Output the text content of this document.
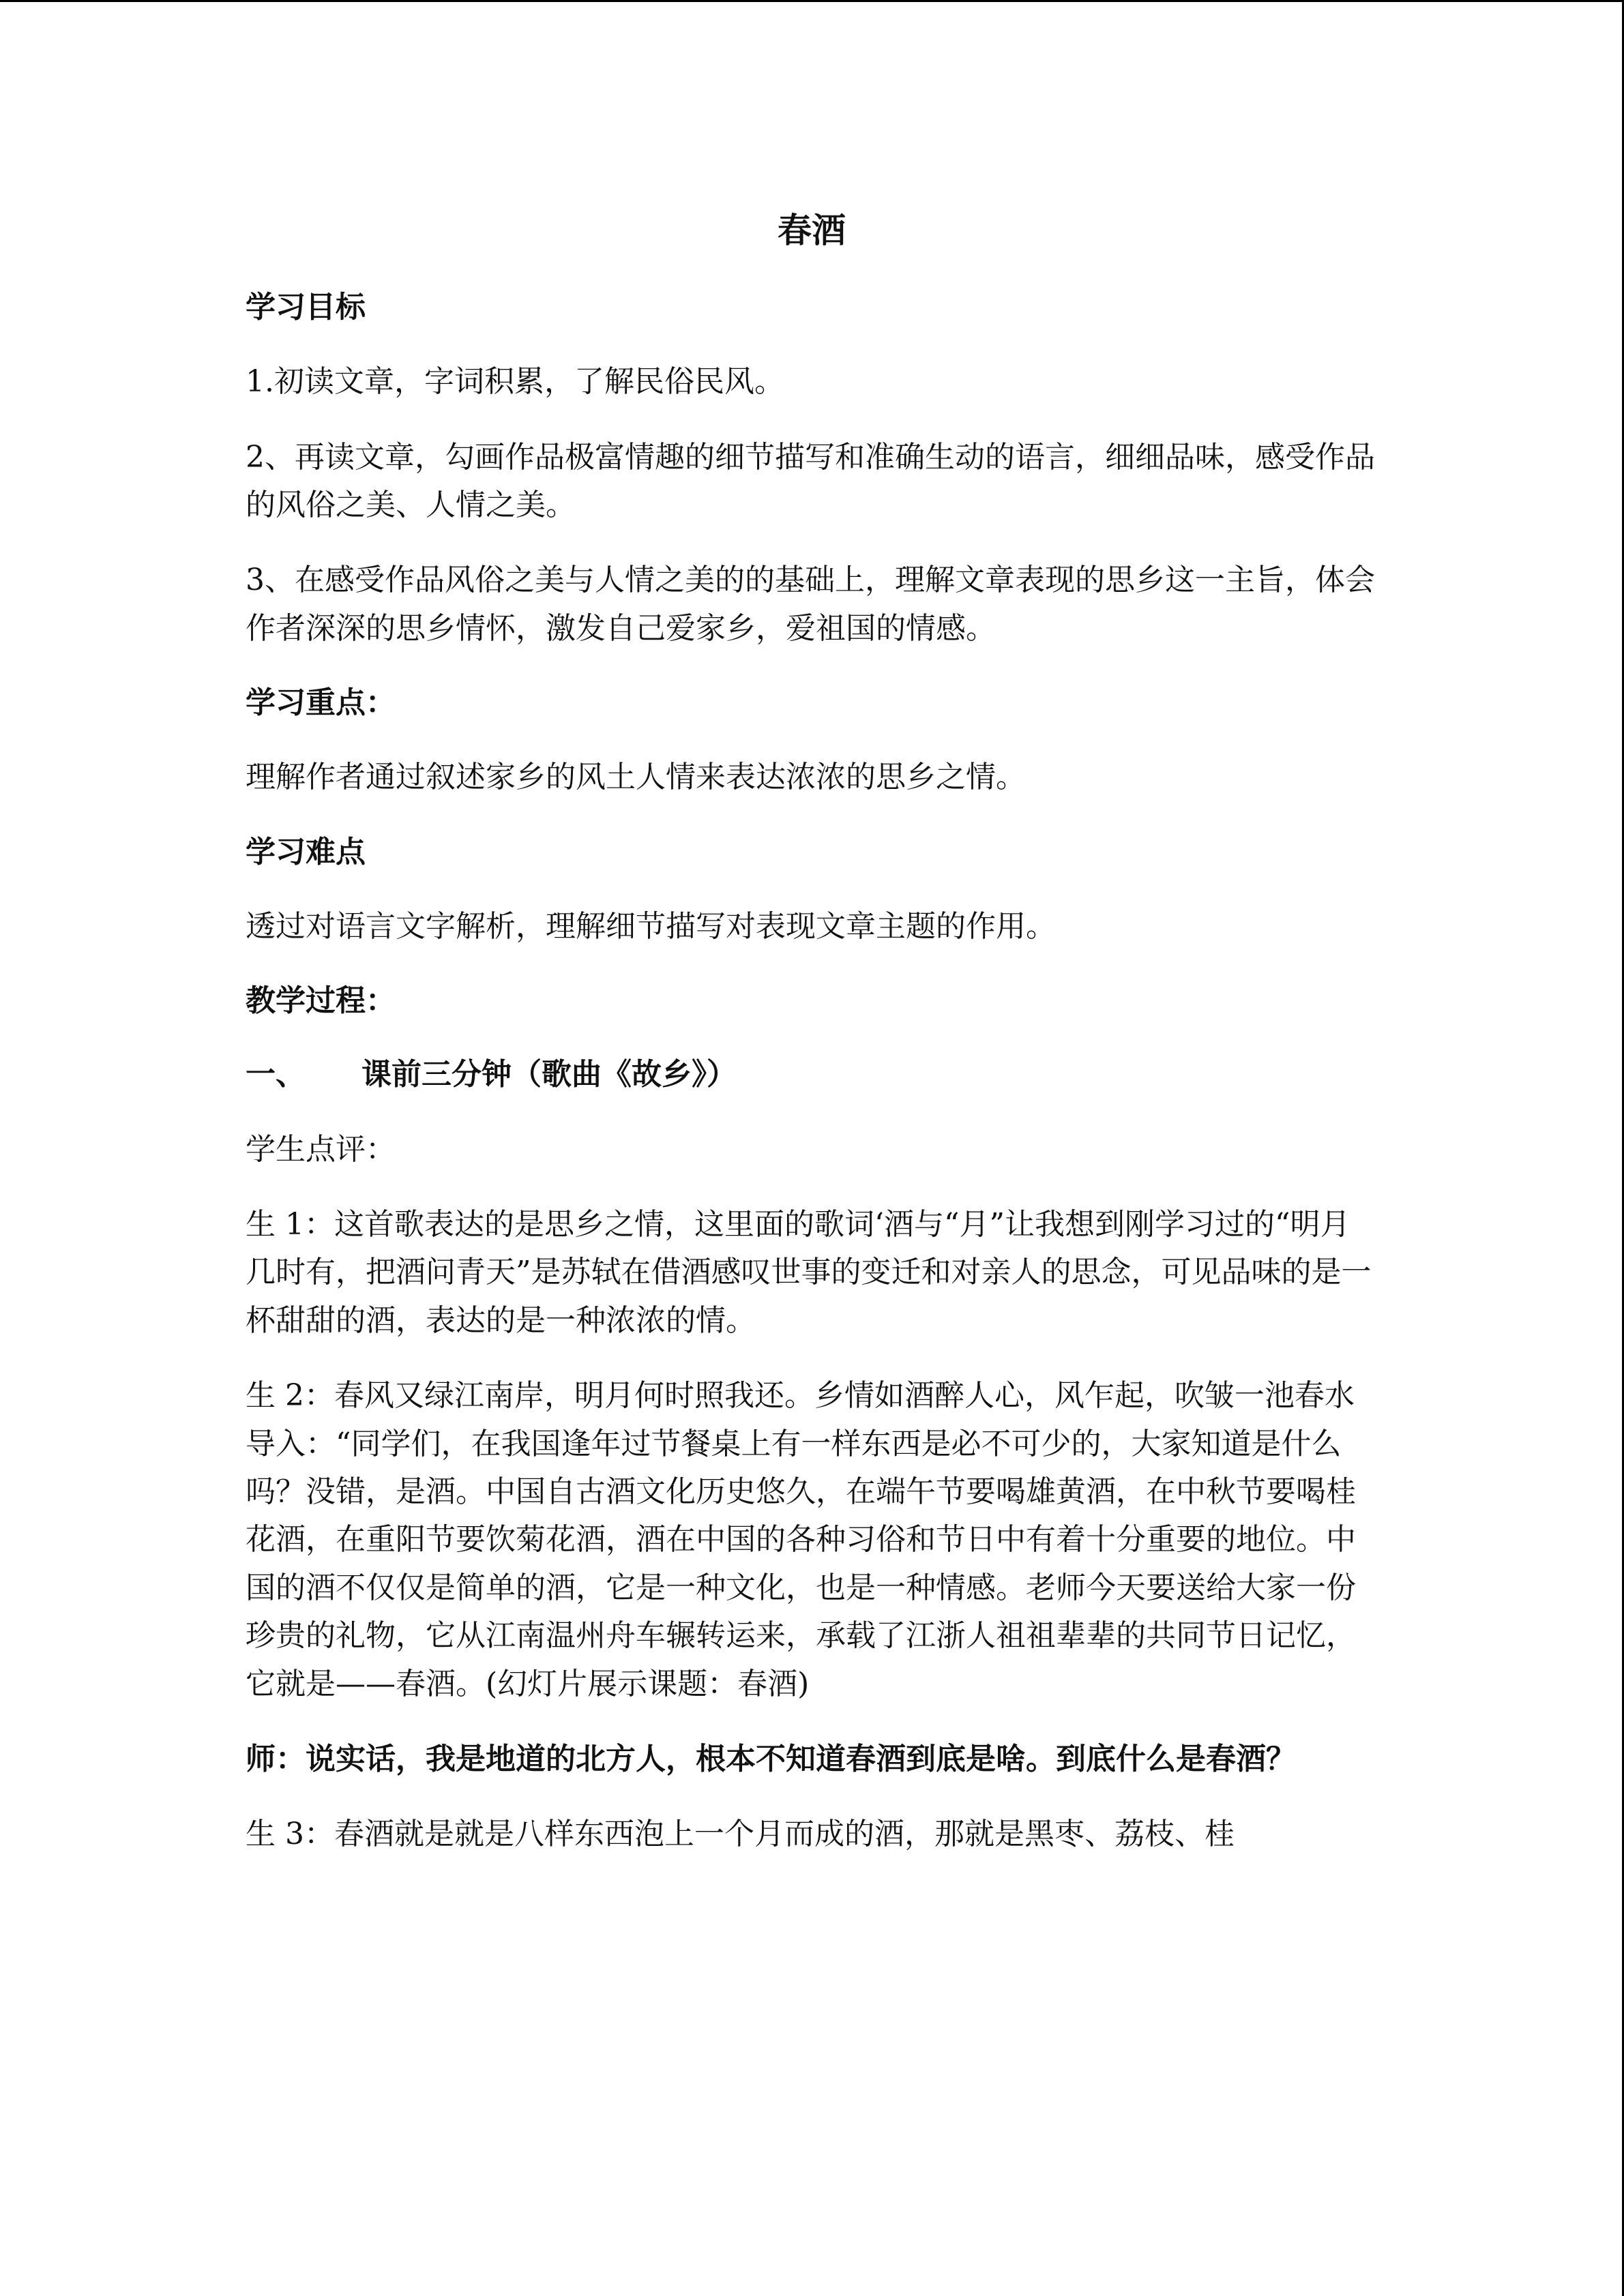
春酒
学习目标
1.初读文章，字词积累，了解民俗民风。
2、再读文章，勾画作品极富情趣的细节描写和准确生动的语言，细细品味，感受作品的风俗之美、人情之美。
3、在感受作品风俗之美与人情之美的的基础上，理解文章表现的思乡这一主旨，体会作者深深的思乡情怀，激发自己爱家乡，爱祖国的情感。
学习重点：
理解作者通过叙述家乡的风土人情来表达浓浓的思乡之情。
学习难点
透过对语言文字解析，理解细节描写对表现文章主题的作用。
教学过程：
一、	课前三分钟（歌曲《故乡》）
学生点评：
生 1：这首歌表达的是思乡之情，这里面的歌词‘酒与“月”让我想到刚学习过的“明月几时有，把酒问青天”是苏轼在借酒感叹世事的变迁和对亲人的思念，可见品味的是一杯甜甜的酒，表达的是一种浓浓的情。
生 2：春风又绿江南岸，明月何时照我还。乡情如酒醉人心，风乍起，吹皱一池春水
导入：“同学们，在我国逢年过节餐桌上有一样东西是必不可少的，大家知道是什么吗？没错，是酒。中国自古酒文化历史悠久，在端午节要喝雄黄酒，在中秋节要喝桂花酒，在重阳节要饮菊花酒，酒在中国的各种习俗和节日中有着十分重要的地位。中国的酒不仅仅是简单的酒，它是一种文化，也是一种情感。老师今天要送给大家一份珍贵的礼物，它从江南温州舟车辗转运来，承载了江浙人祖祖辈辈的共同节日记忆，它就是——春酒。(幻灯片展示课题：春酒)
师：说实话，我是地道的北方人，根本不知道春酒到底是啥。到底什么是春酒？
生 3：春酒就是就是八样东西泡上一个月而成的酒，那就是黑枣、荔枝、桂
